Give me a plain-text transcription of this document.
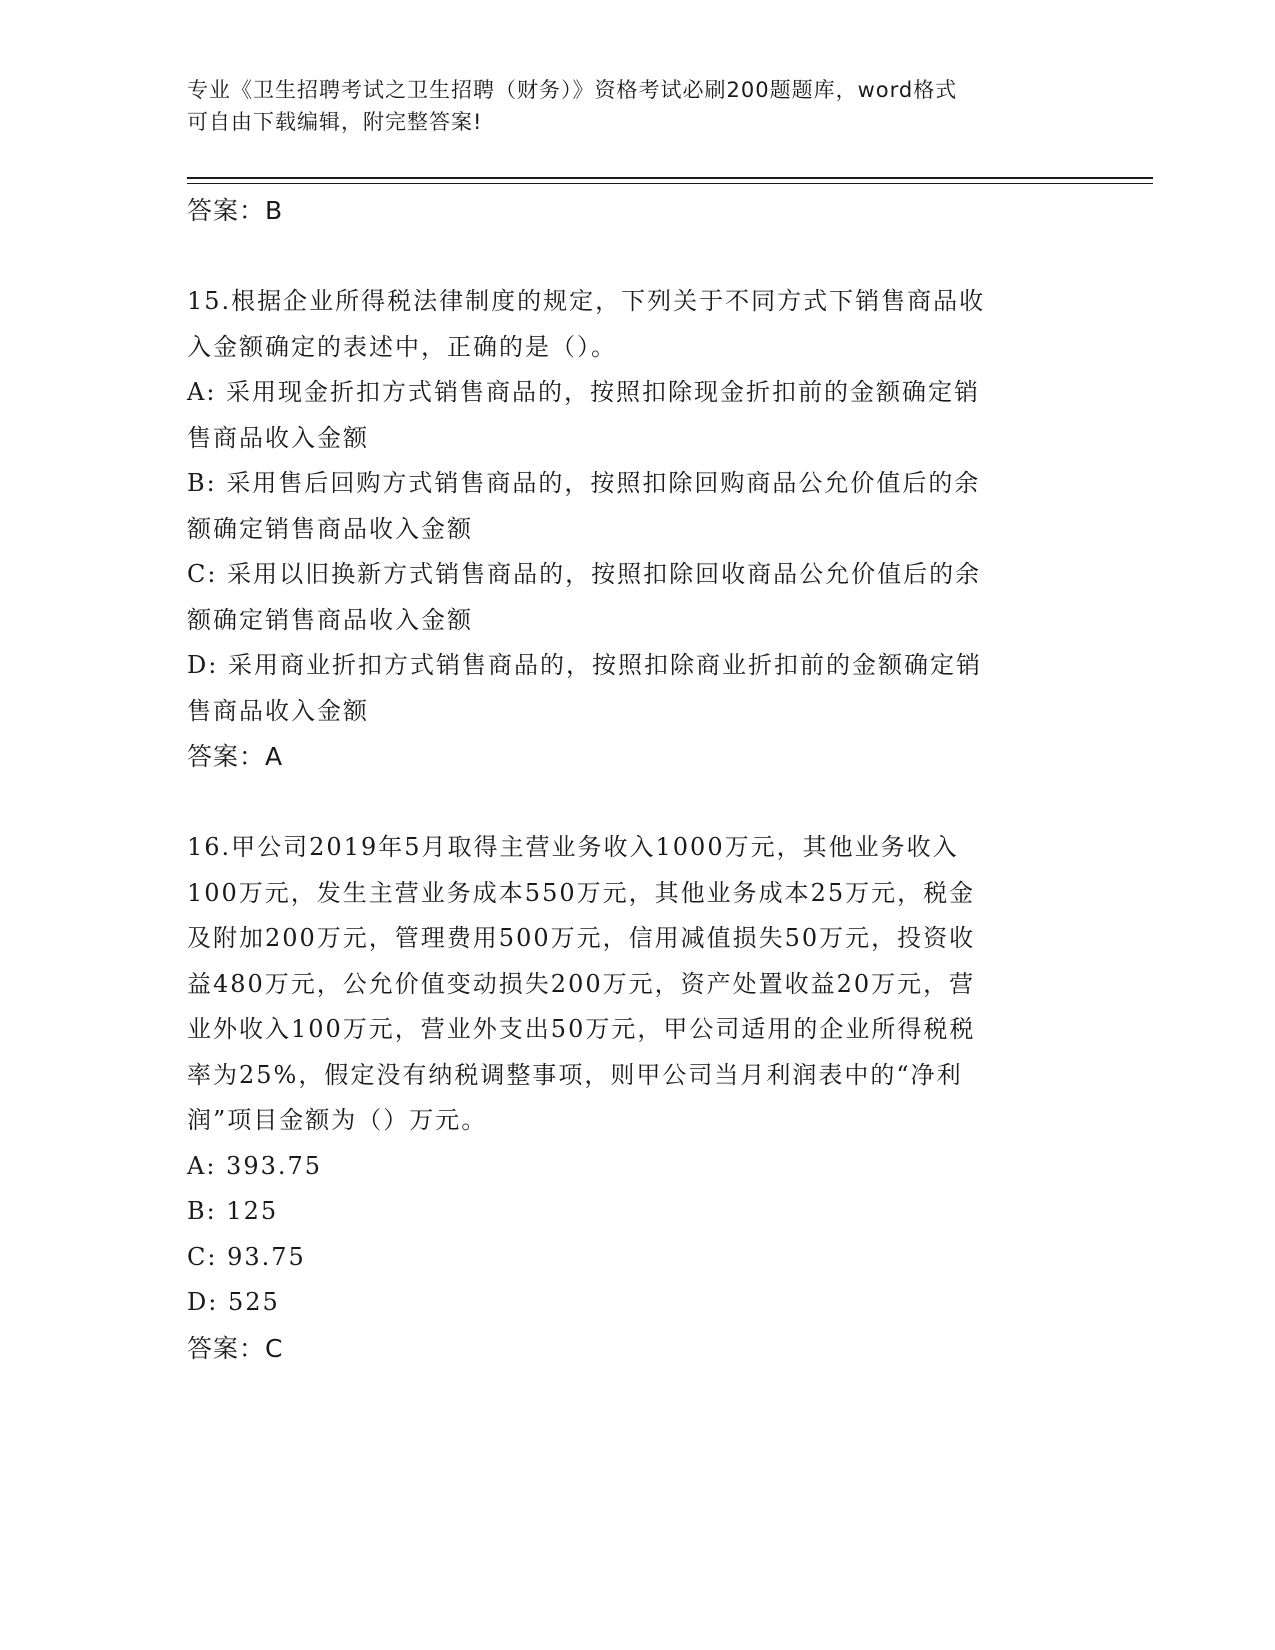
专业《卫生招聘考试之卫生招聘（财务）》资格考试必刷200题题库，word格式
可自由下载编辑，附完整答案!
答案：B
15.根据企业所得税法律制度的规定，下列关于不同方式下销售商品收
入金额确定的表述中，正确的是（）。
A: 采用现金折扣方式销售商品的，按照扣除现金折扣前的金额确定销
售商品收入金额
B: 采用售后回购方式销售商品的，按照扣除回购商品公允价值后的余
额确定销售商品收入金额
C: 采用以旧换新方式销售商品的，按照扣除回收商品公允价值后的余
额确定销售商品收入金额
D: 采用商业折扣方式销售商品的，按照扣除商业折扣前的金额确定销
售商品收入金额
答案：A
16.甲公司2019年5月取得主营业务收入1000万元，其他业务收入
100万元，发生主营业务成本550万元，其他业务成本25万元，税金
及附加200万元，管理费用500万元，信用减值损失50万元，投资收
益480万元，公允价值变动损失200万元，资产处置收益20万元，营
业外收入100万元，营业外支出50万元，甲公司适用的企业所得税税
率为25%，假定没有纳税调整事项，则甲公司当月利润表中的“净利
润”项目金额为（）万元。
A: 393.75
B: 125
C: 93.75
D: 525
答案：C
